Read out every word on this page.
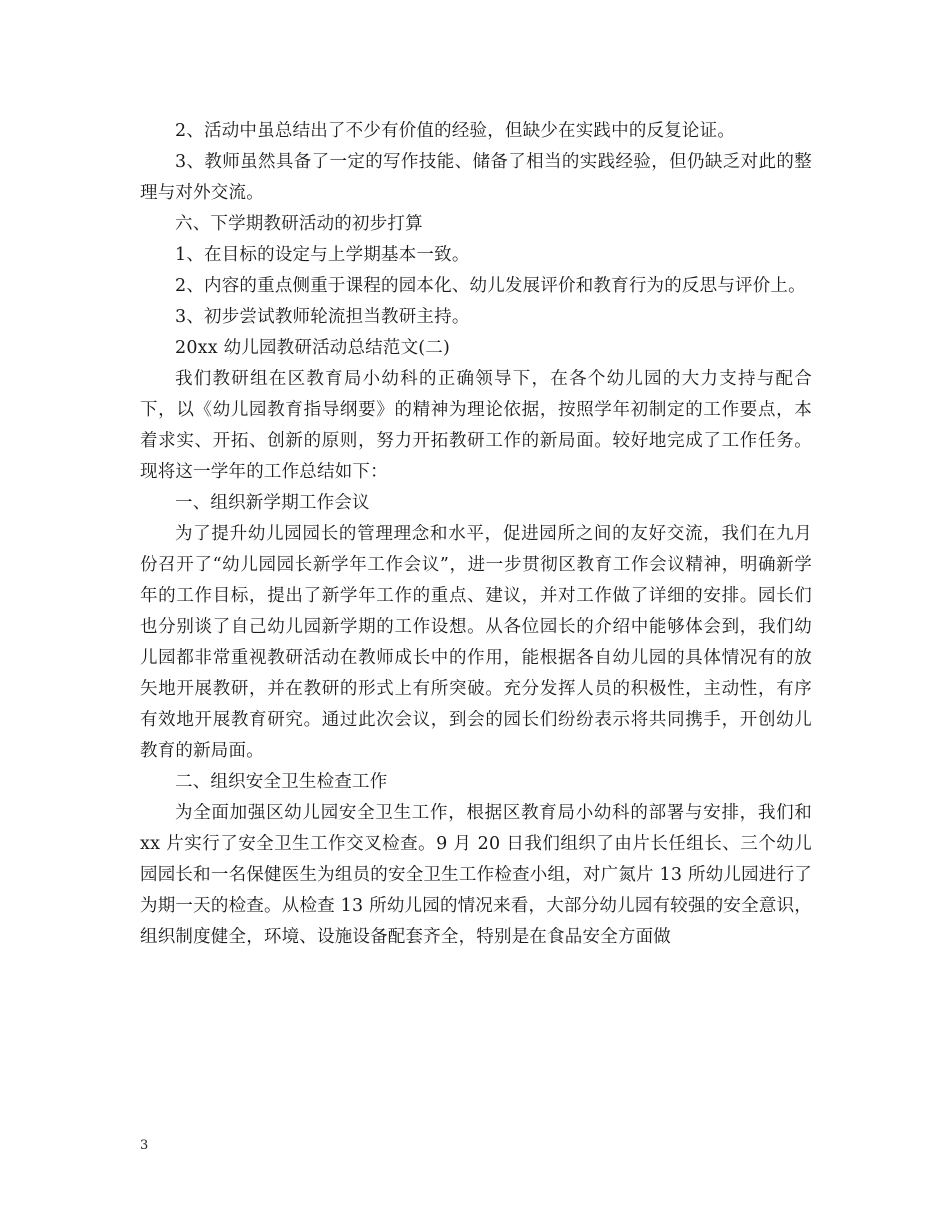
2、活动中虽总结出了不少有价值的经验，但缺少在实践中的反复论证。

3、教师虽然具备了一定的写作技能、储备了相当的实践经验，但仍缺乏对此的整理与对外交流。

六、下学期教研活动的初步打算

1、在目标的设定与上学期基本一致。

2、内容的重点侧重于课程的园本化、幼儿发展评价和教育行为的反思与评价上。

3、初步尝试教师轮流担当教研主持。

20xx 幼儿园教研活动总结范文(二)

我们教研组在区教育局小幼科的正确领导下，在各个幼儿园的大力支持与配合下，以《幼儿园教育指导纲要》的精神为理论依据，按照学年初制定的工作要点，本着求实、开拓、创新的原则，努力开拓教研工作的新局面。较好地完成了工作任务。现将这一学年的工作总结如下：

一、组织新学期工作会议

为了提升幼儿园园长的管理理念和水平，促进园所之间的友好交流，我们在九月份召开了“幼儿园园长新学年工作会议”，进一步贯彻区教育工作会议精神，明确新学年的工作目标，提出了新学年工作的重点、建议，并对工作做了详细的安排。园长们也分别谈了自己幼儿园新学期的工作设想。从各位园长的介绍中能够体会到，我们幼儿园都非常重视教研活动在教师成长中的作用，能根据各自幼儿园的具体情况有的放矢地开展教研，并在教研的形式上有所突破。充分发挥人员的积极性，主动性，有序有效地开展教育研究。通过此次会议，到会的园长们纷纷表示将共同携手，开创幼儿教育的新局面。

二、组织安全卫生检查工作

为全面加强区幼儿园安全卫生工作，根据区教育局小幼科的部署与安排，我们和 xx 片实行了安全卫生工作交叉检查。9 月 20 日我们组织了由片长任组长、三个幼儿园园长和一名保健医生为组员的安全卫生工作检查小组，对广氮片 13 所幼儿园进行了为期一天的检查。从检查 13 所幼儿园的情况来看，大部分幼儿园有较强的安全意识，组织制度健全，环境、设施设备配套齐全，特别是在食品安全方面做

3
